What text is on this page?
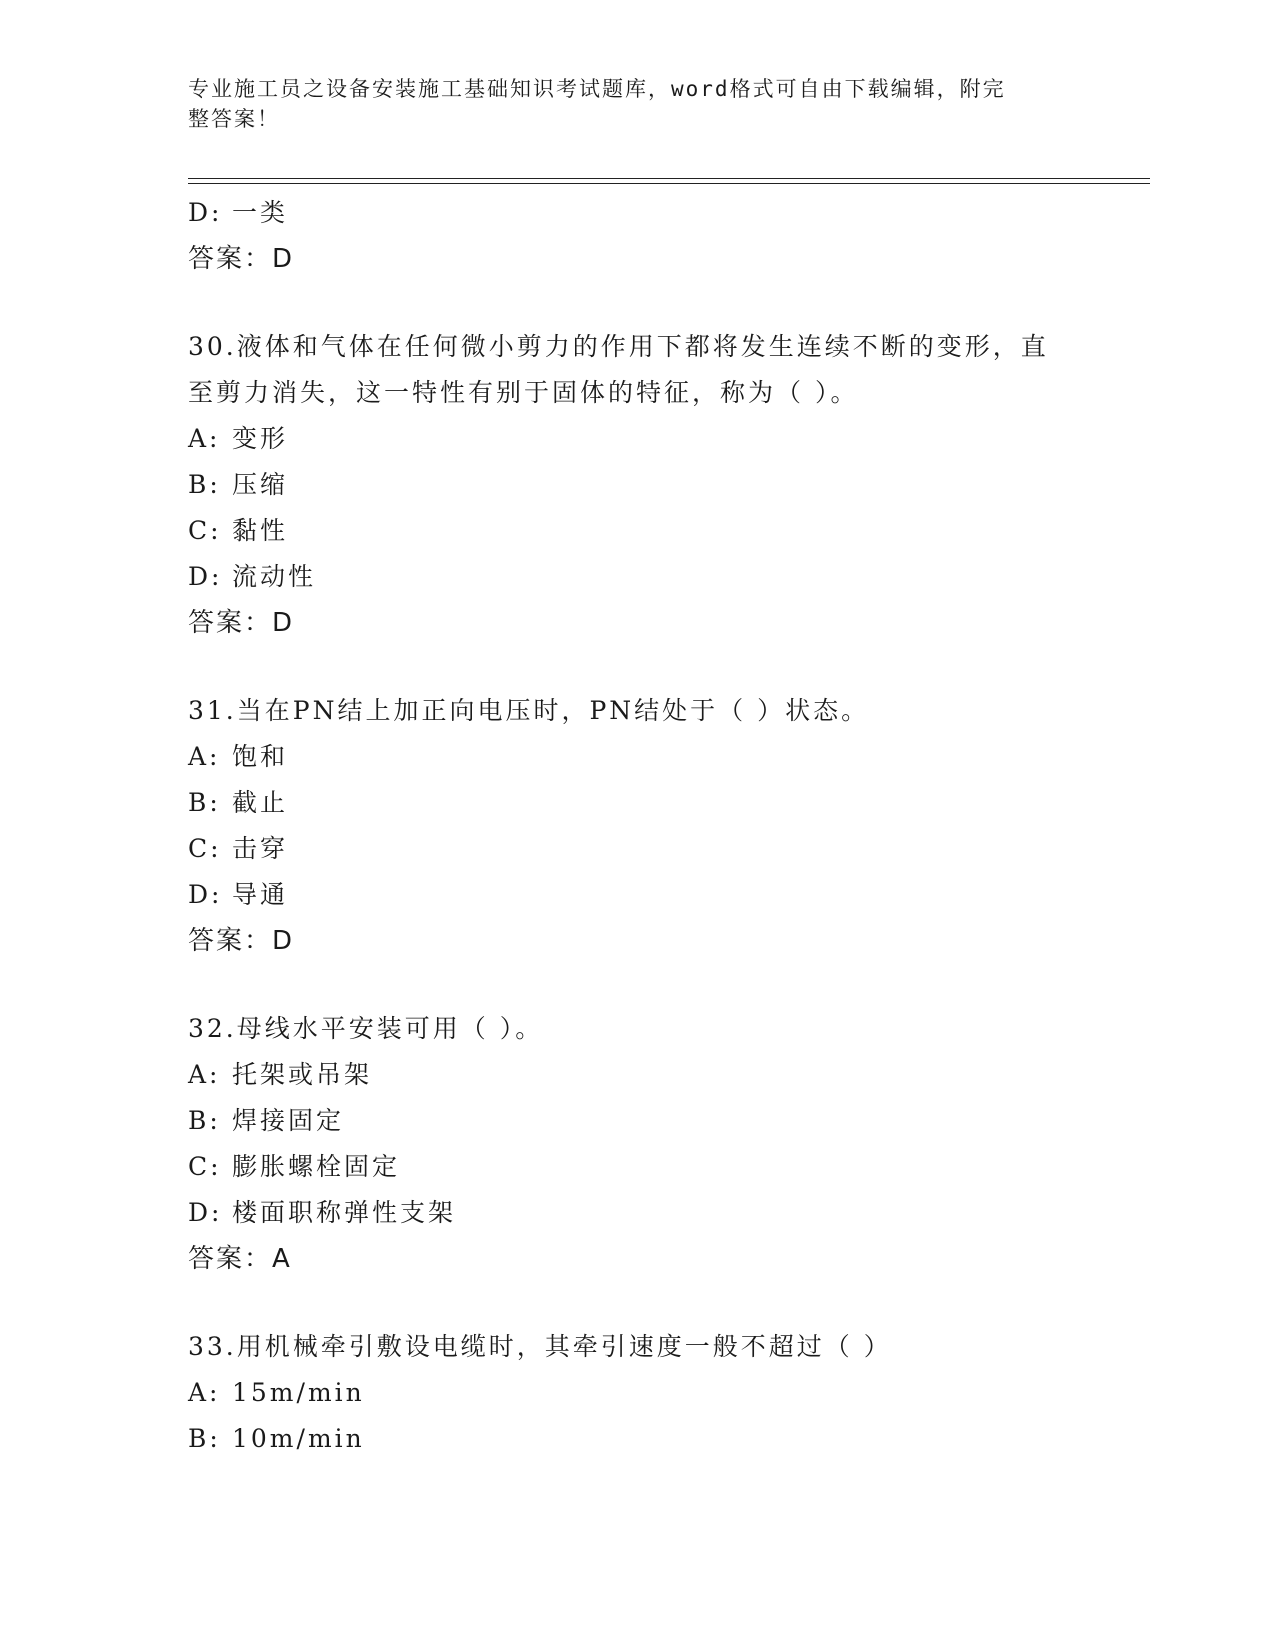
专业施工员之设备安装施工基础知识考试题库，word格式可自由下载编辑，附完
整答案！
D: 一类
答案：D
30.液体和气体在任何微小剪力的作用下都将发生连续不断的变形，直
至剪力消失，这一特性有别于固体的特征，称为（ ）。
A: 变形
B: 压缩
C: 黏性
D: 流动性
答案：D
31.当在PN结上加正向电压时，PN结处于（ ）状态。
A: 饱和
B: 截止
C: 击穿
D: 导通
答案：D
32.母线水平安装可用（ ）。
A: 托架或吊架
B: 焊接固定
C: 膨胀螺栓固定
D: 楼面职称弹性支架
答案：A
33.用机械牵引敷设电缆时，其牵引速度一般不超过（ ）
A: 15m/min
B: 10m/min
